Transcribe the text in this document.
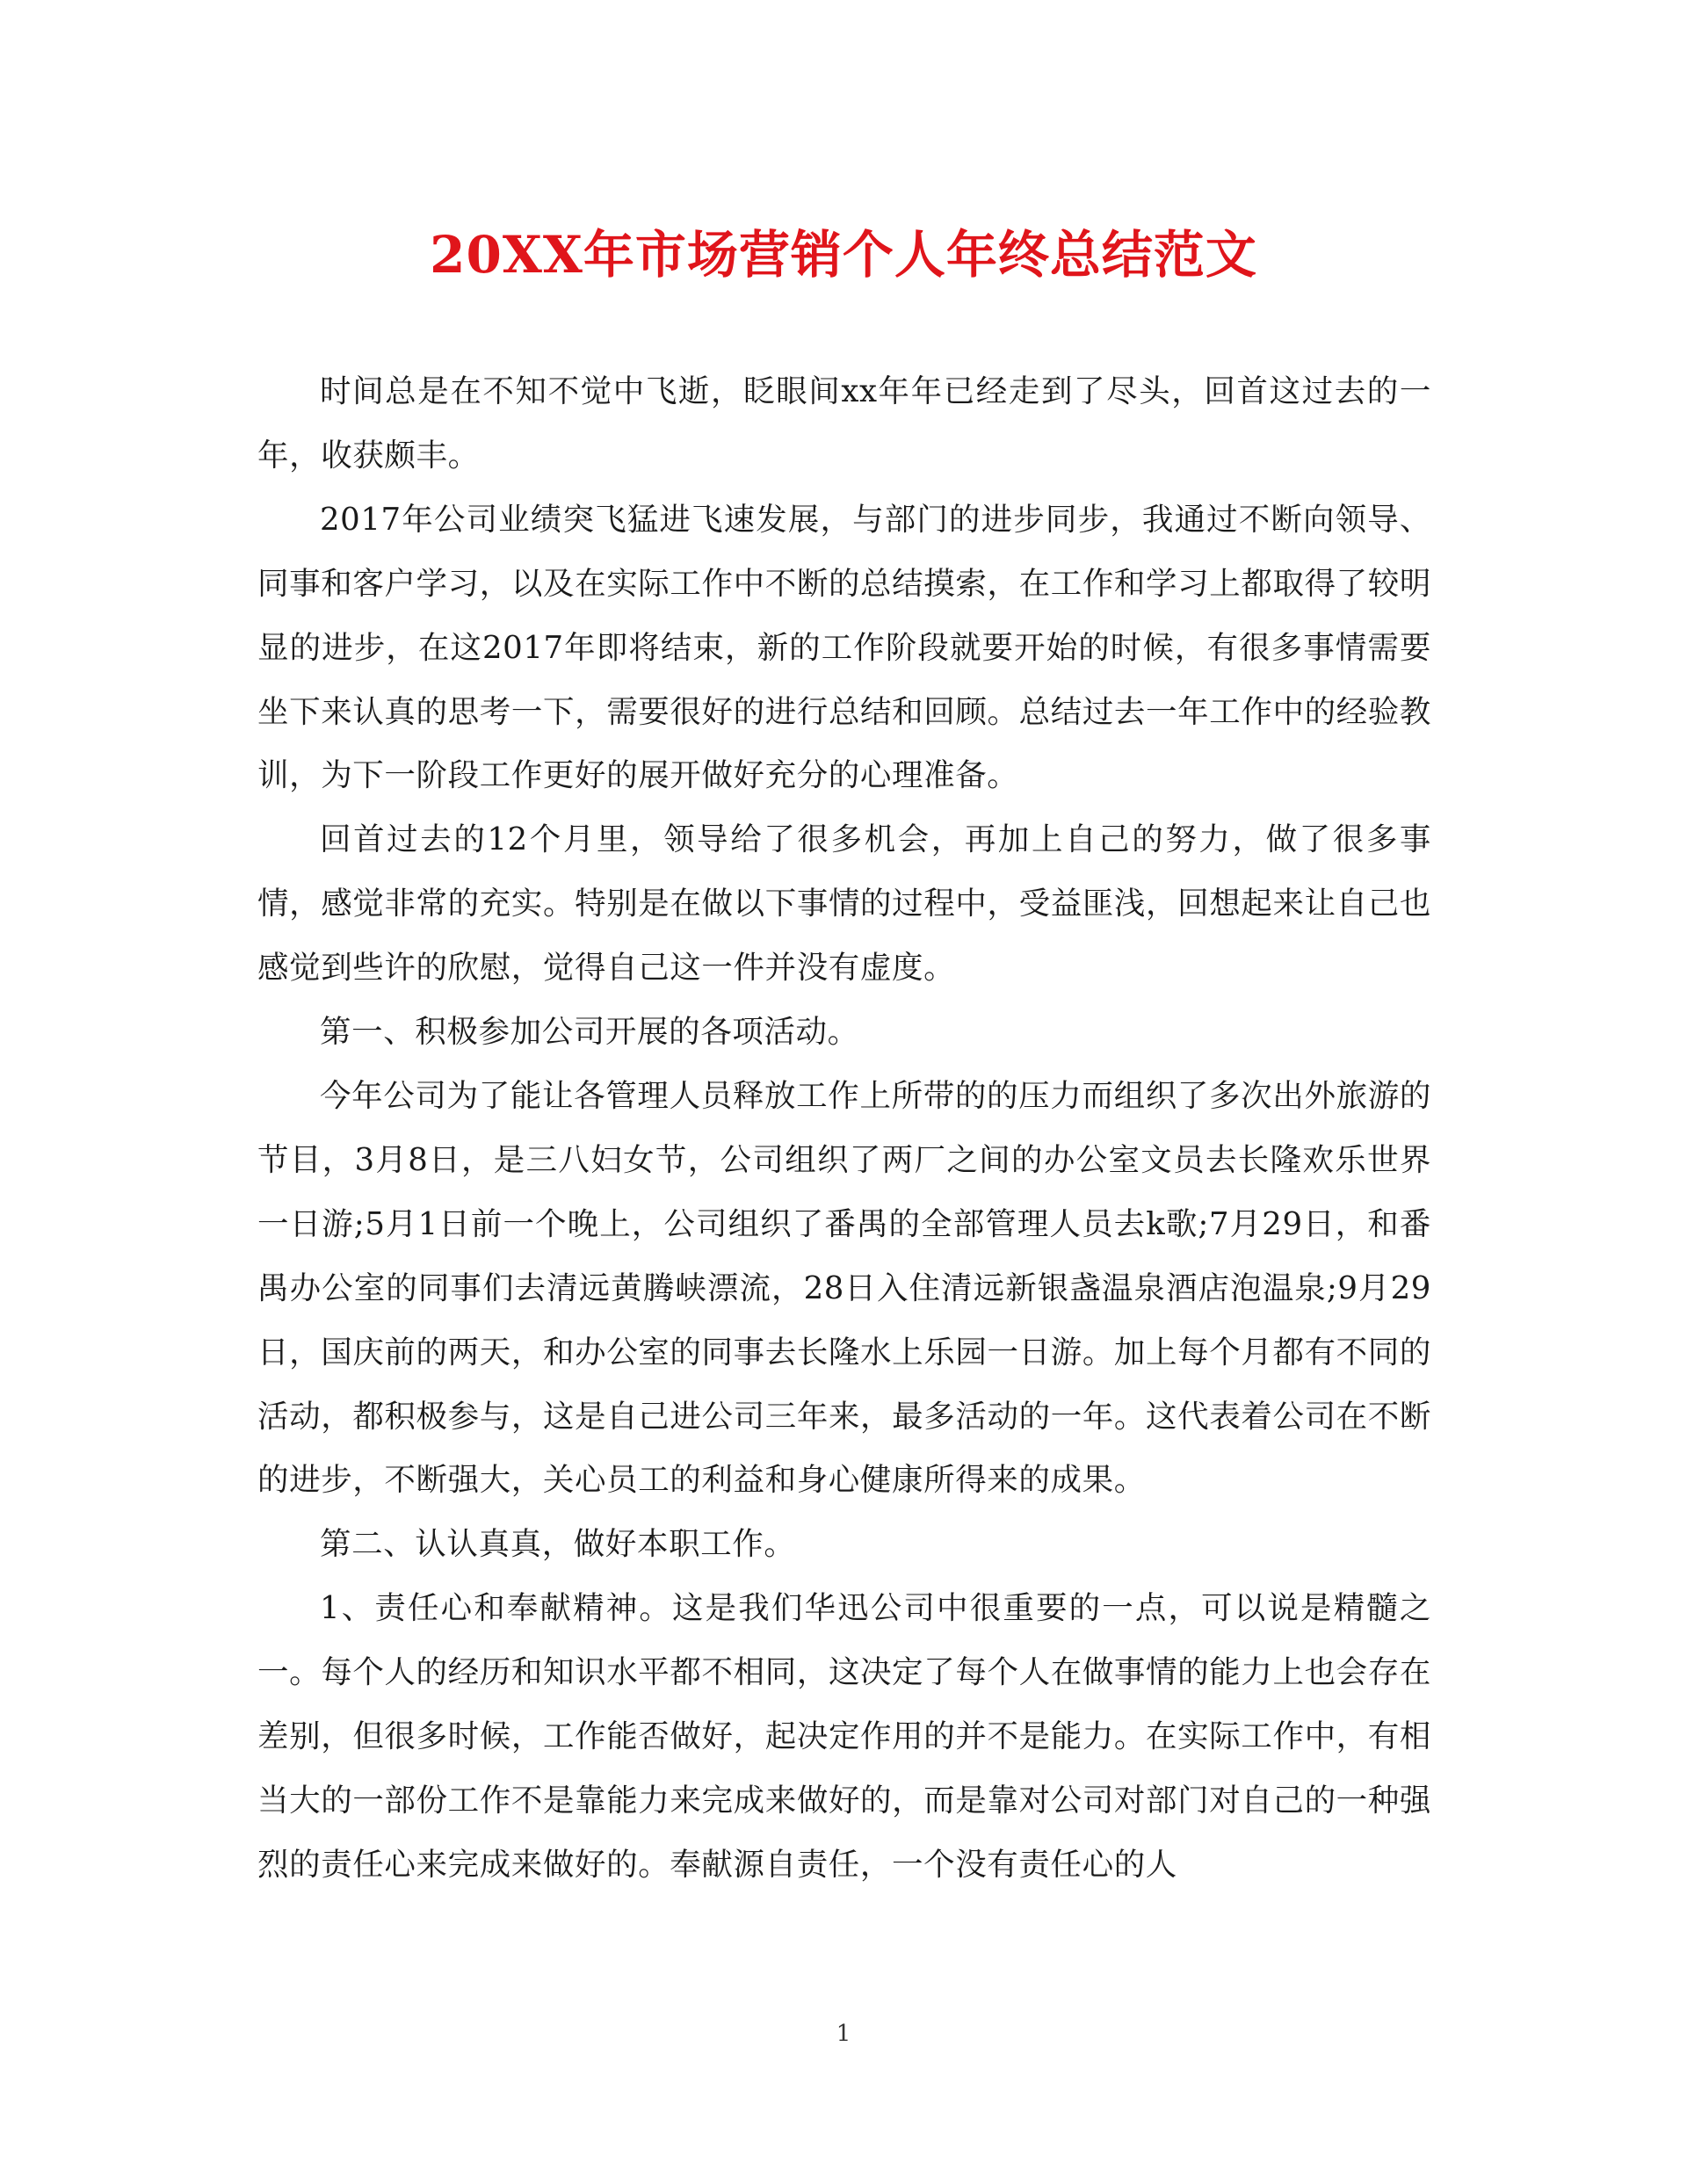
20XX年市场营销个人年终总结范文

时间总是在不知不觉中飞逝，眨眼间xx年年已经走到了尽头，回首这过去的一年，收获颇丰。

2017年公司业绩突飞猛进飞速发展，与部门的进步同步，我通过不断向领导、同事和客户学习，以及在实际工作中不断的总结摸索，在工作和学习上都取得了较明显的进步，在这2017年即将结束，新的工作阶段就要开始的时候，有很多事情需要坐下来认真的思考一下，需要很好的进行总结和回顾。总结过去一年工作中的经验教训，为下一阶段工作更好的展开做好充分的心理准备。

回首过去的12个月里，领导给了很多机会，再加上自己的努力，做了很多事情，感觉非常的充实。特别是在做以下事情的过程中，受益匪浅，回想起来让自己也感觉到些许的欣慰，觉得自己这一件并没有虚度。

第一、积极参加公司开展的各项活动。

今年公司为了能让各管理人员释放工作上所带的的压力而组织了多次出外旅游的节目，3月8日，是三八妇女节，公司组织了两厂之间的办公室文员去长隆欢乐世界一日游;5月1日前一个晚上，公司组织了番禺的全部管理人员去k歌;7月29日，和番禺办公室的同事们去清远黄腾峡漂流，28日入住清远新银盏温泉酒店泡温泉;9月29日，国庆前的两天，和办公室的同事去长隆水上乐园一日游。加上每个月都有不同的活动，都积极参与，这是自己进公司三年来，最多活动的一年。这代表着公司在不断的进步，不断强大，关心员工的利益和身心健康所得来的成果。

第二、认认真真，做好本职工作。

1、责任心和奉献精神。这是我们华迅公司中很重要的一点，可以说是精髓之一。每个人的经历和知识水平都不相同，这决定了每个人在做事情的能力上也会存在差别，但很多时候，工作能否做好，起决定作用的并不是能力。在实际工作中，有相当大的一部份工作不是靠能力来完成来做好的，而是靠对公司对部门对自己的一种强烈的责任心来完成来做好的。奉献源自责任，一个没有责任心的人

1
